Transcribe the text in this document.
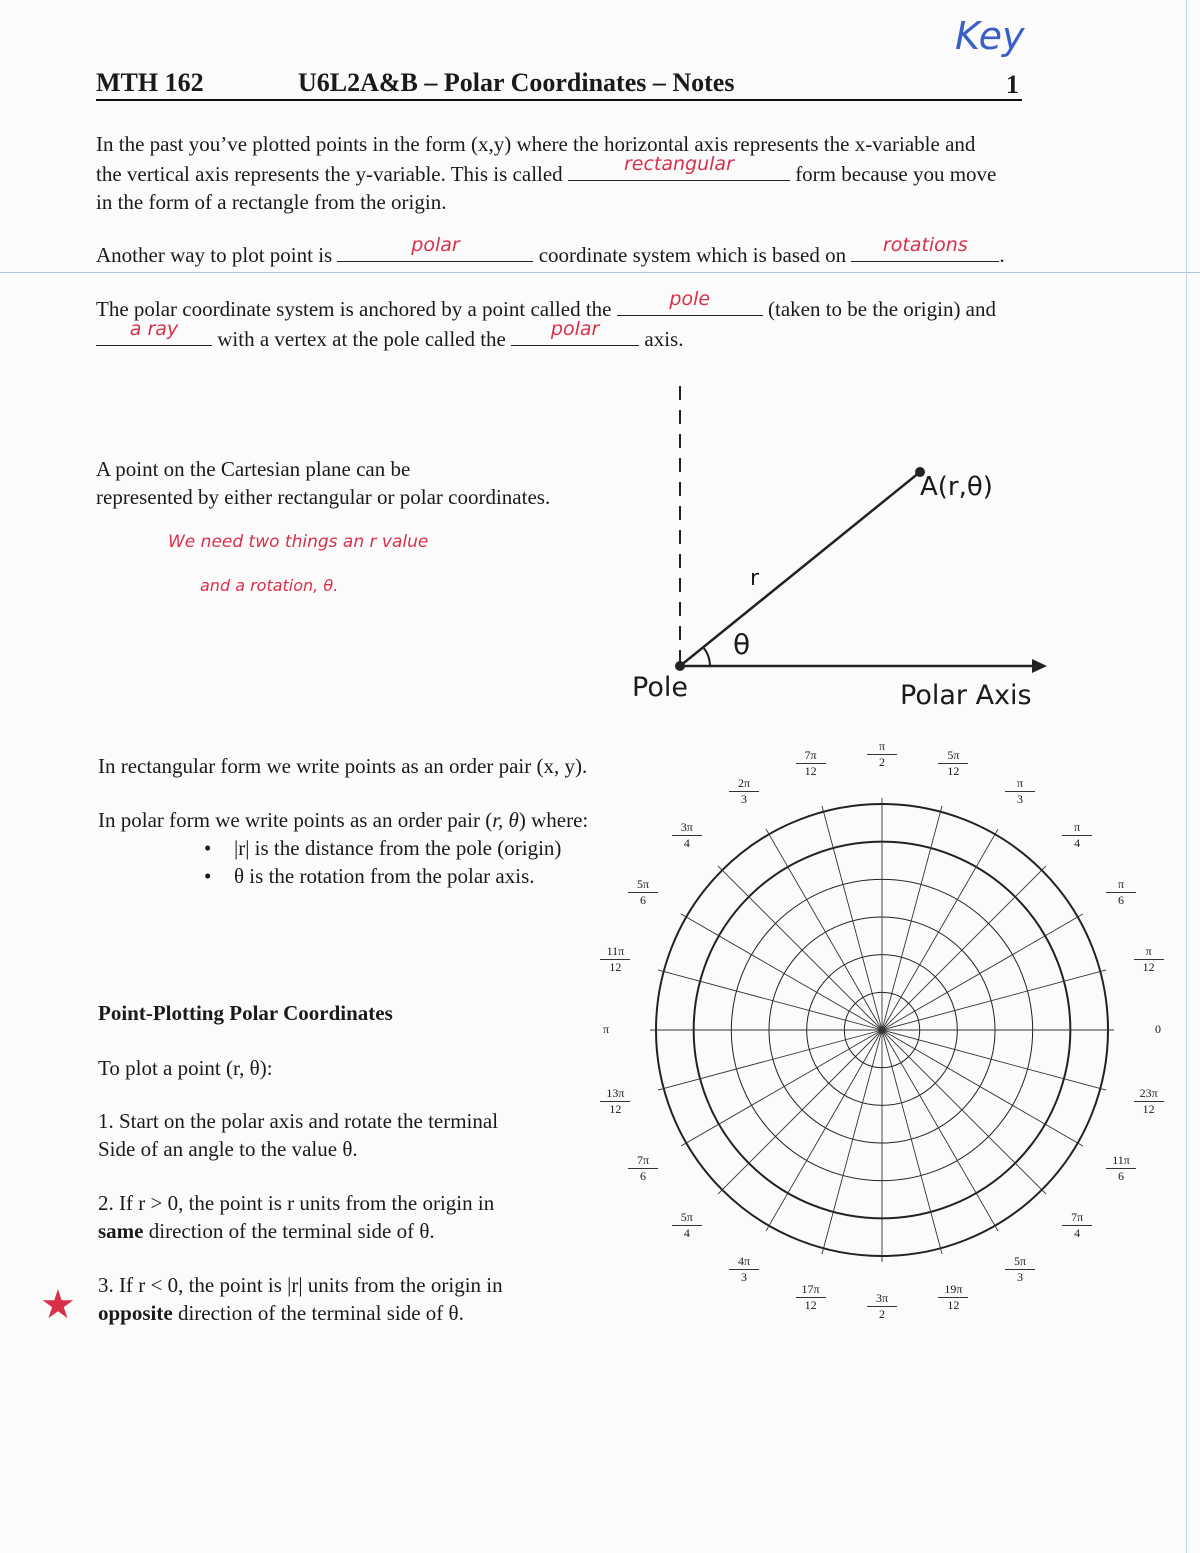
MTH 162	U6L2A&B – Polar Coordinates – Notes
Key
1
In the past you’ve plotted points in the form (x,y) where the horizontal axis represents the x-variable and
the vertical axis represents the y-variable. This is called	rectangular	form because you move
in the form of a rectangle from the origin.
Another way to plot point is	polar	coordinate system which is based on	rotations	.
The polar coordinate system is anchored by a point called the	pole	(taken to be the origin) and
a ray	with a vertex at the pole called the	polar	axis.
A point on the Cartesian plane can be
represented by either rectangular or polar coordinates.
We need two things an r value
and a rotation, θ.
A(r,θ)
r
θ
Pole	Polar Axis
In rectangular form we write points as an order pair (x, y).
In polar form we write points as an order pair (r, θ) where:
• |r| is the distance from the pole (origin)
• θ is the rotation from the polar axis.
Point-Plotting Polar Coordinates
To plot a point (r, θ):
1. Start on the polar axis and rotate the terminal
Side of an angle to the value θ.
2. If r > 0, the point is r units from the origin in
same direction of the terminal side of θ.
3. If r < 0, the point is |r| units from the origin in
opposite direction of the terminal side of θ.
★
0
π
12
π
6
π
4
π
3
5π
12
π
2
7π
12
2π
3
3π
4
5π
6
11π
12
π
13π
12
7π
6
5π
4
4π
3
17π
12	3π
2
19π
12
5π
3
7π
4
11π
6
23π
12
